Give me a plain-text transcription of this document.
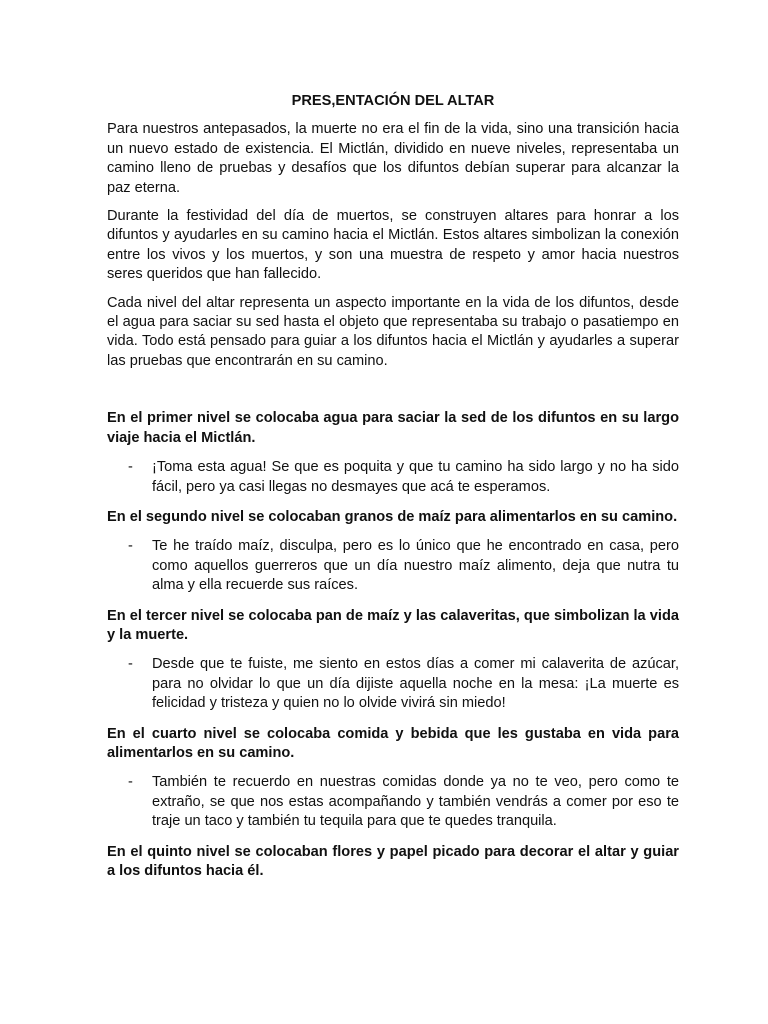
PRES,ENTACIÓN DEL ALTAR

Para nuestros antepasados, la muerte no era el fin de la vida, sino una transición hacia un nuevo estado de existencia. El Mictlán, dividido en nueve niveles, representaba un camino lleno de pruebas y desafíos que los difuntos debían superar para alcanzar la paz eterna.

Durante la festividad del día de muertos, se construyen altares para honrar a los difuntos y ayudarles en su camino hacia el Mictlán. Estos altares simbolizan la conexión entre los vivos y los muertos, y son una muestra de respeto y amor hacia nuestros seres queridos que han fallecido.

Cada nivel del altar representa un aspecto importante en la vida de los difuntos, desde el agua para saciar su sed hasta el objeto que representaba su trabajo o pasatiempo en vida. Todo está pensado para guiar a los difuntos hacia el Mictlán y ayudarles a superar las pruebas que encontrarán en su camino.

En el primer nivel se colocaba agua para saciar la sed de los difuntos en su largo viaje hacia el Mictlán.

- ¡Toma esta agua! Se que es poquita y que tu camino ha sido largo y no ha sido fácil, pero ya casi llegas no desmayes que acá te esperamos.

En el segundo nivel se colocaban granos de maíz para alimentarlos en su camino.

- Te he traído maíz, disculpa, pero es lo único que he encontrado en casa, pero como aquellos guerreros que un día nuestro maíz alimento, deja que nutra tu alma y ella recuerde sus raíces.

En el tercer nivel se colocaba pan de maíz y las calaveritas, que simbolizan la vida y la muerte.

- Desde que te fuiste, me siento en estos días a comer mi calaverita de azúcar, para no olvidar lo que un día dijiste aquella noche en la mesa: ¡La muerte es felicidad y tristeza y quien no lo olvide vivirá sin miedo!

En el cuarto nivel se colocaba comida y bebida que les gustaba en vida para alimentarlos en su camino.

- También te recuerdo en nuestras comidas donde ya no te veo, pero como te extraño, se que nos estas acompañando y también vendrás a comer por eso te traje un taco y también tu tequila para que te quedes tranquila.

En el quinto nivel se colocaban flores y papel picado para decorar el altar y guiar a los difuntos hacia él.
